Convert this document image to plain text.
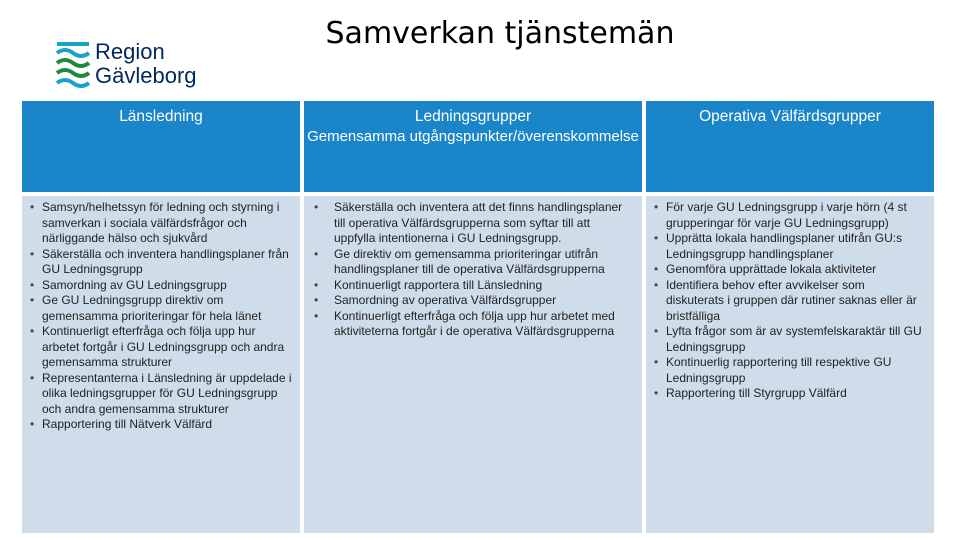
Region
Gävleborg
Samverkan tjänstemän
Länsledning
• Samsyn/helhetssyn för ledning och styrning i samverkan i sociala välfärdsfrågor och närliggande hälso och sjukvård
• Säkerställa och inventera handlingsplaner från GU Ledningsgrupp
• Samordning av GU Ledningsgrupp
• Ge GU Ledningsgrupp direktiv om gemensamma prioriteringar för hela länet
• Kontinuerligt efterfråga och följa upp hur arbetet fortgår i GU Ledningsgrupp och andra gemensamma strukturer
• Representanterna i Länsledning är uppdelade i olika ledningsgrupper för GU Ledningsgrupp och andra gemensamma strukturer
• Rapportering till Nätverk Välfärd
Ledningsgrupper
Gemensamma utgångspunkter/överenskommelse
• Säkerställa och inventera att det finns handlingsplaner till operativa Välfärdsgrupperna som syftar till att uppfylla intentionerna i GU Ledningsgrupp.
• Ge direktiv om gemensamma prioriteringar utifrån handlingsplaner till de operativa Välfärdsgrupperna
• Kontinuerligt rapportera till Länsledning
• Samordning av operativa Välfärdsgrupper
• Kontinuerligt efterfråga och följa upp hur arbetet med aktiviteterna fortgår i de operativa Välfärdsgrupperna
Operativa Välfärdsgrupper
• För varje GU Ledningsgrupp i varje hörn (4 st grupperingar för varje GU Ledningsgrupp)
• Upprätta lokala handlingsplaner utifrån GU:s Ledningsgrupp handlingsplaner
• Genomföra upprättade lokala aktiviteter
• Identifiera behov efter avvikelser som diskuterats i gruppen där rutiner saknas eller är bristfälliga
• Lyfta frågor som är av systemfelskaraktär till GU Ledningsgrupp
• Kontinuerlig rapportering till respektive GU Ledningsgrupp
• Rapportering till Styrgrupp Välfärd
